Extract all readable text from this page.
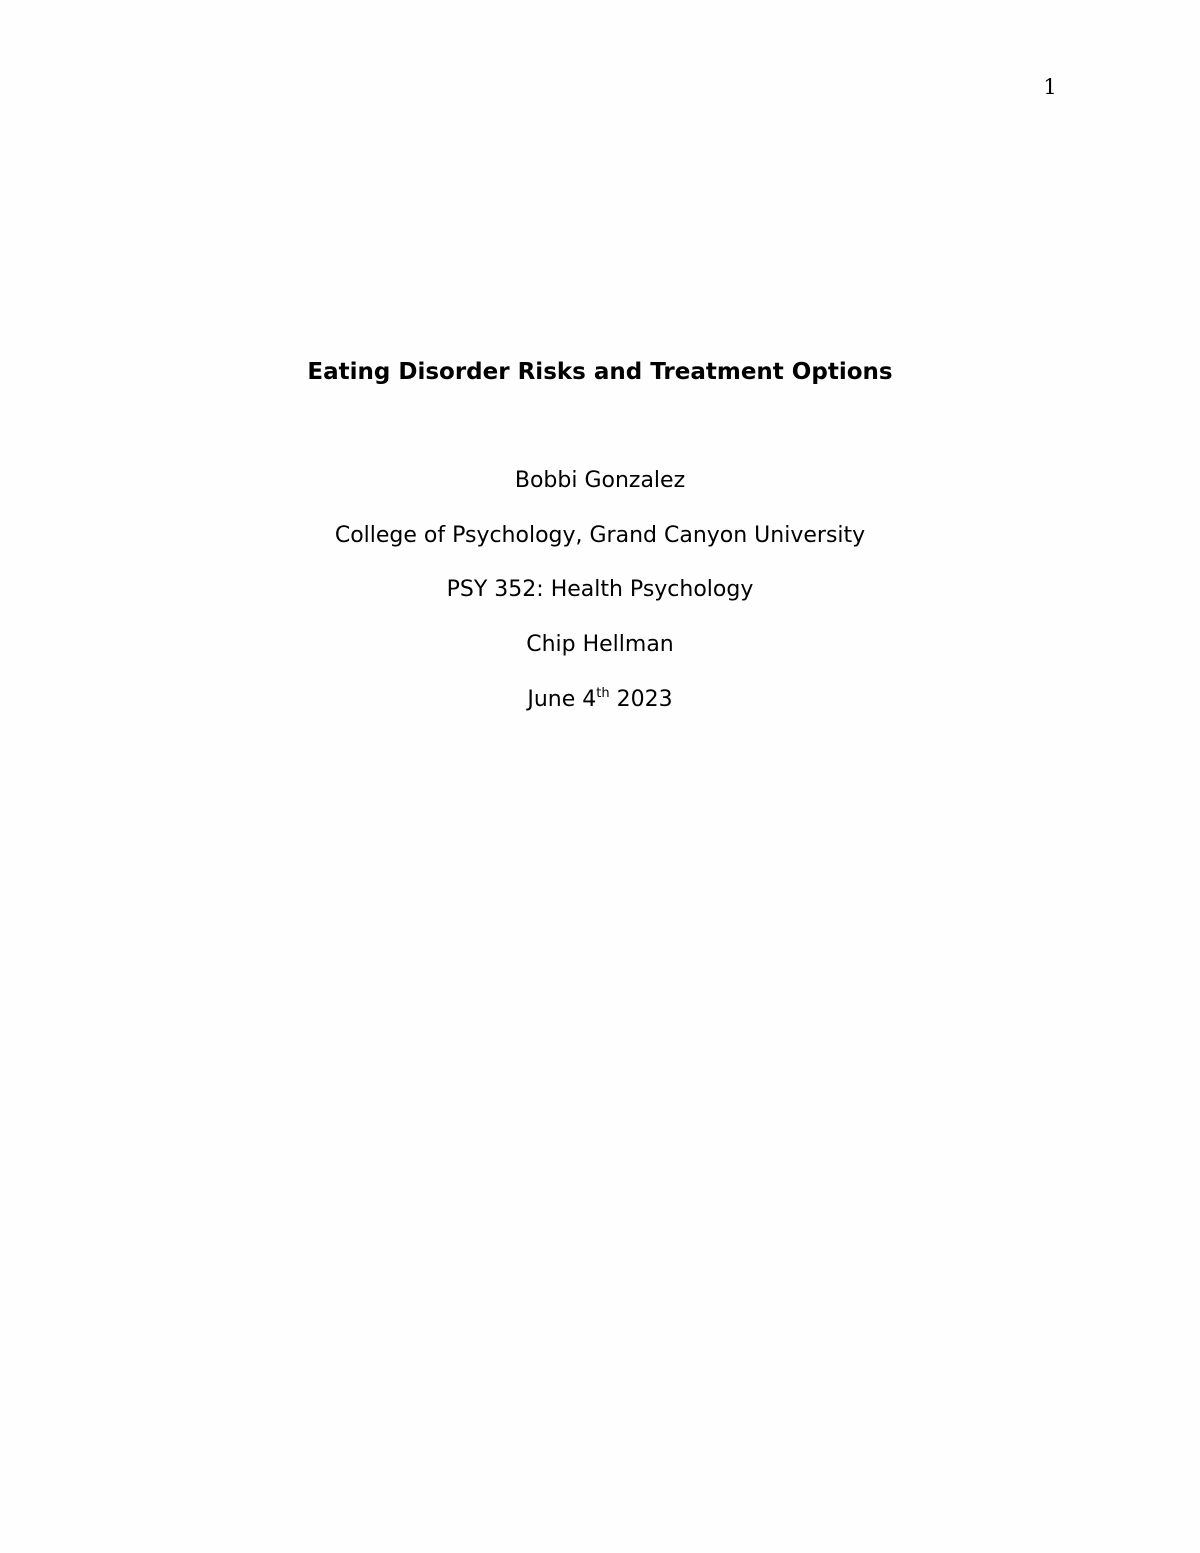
1
Eating Disorder Risks and Treatment Options
Bobbi Gonzalez
College of Psychology, Grand Canyon University
PSY 352: Health Psychology
Chip Hellman
June 4th 2023
